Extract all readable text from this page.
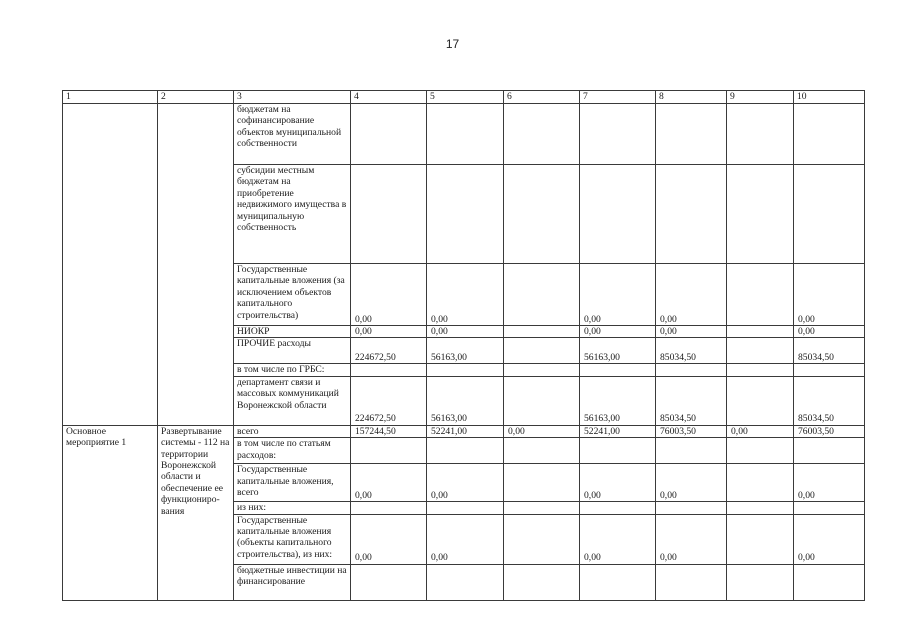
17
1	2	3	4	5	6	7	8	9	10
		бюджетам на софинансирование объектов муниципальной собственности							
		субсидии местным бюджетам на приобретение недвижимого имущества в муниципальную собственность							
		Государственные капитальные вложения (за исключением объектов капитального строительства)	0,00	0,00		0,00	0,00		0,00
		НИОКР	0,00	0,00		0,00	0,00		0,00
		ПРОЧИЕ расходы	224672,50	56163,00		56163,00	85034,50		85034,50
		в том числе по ГРБС:							
		департамент связи и массовых коммуникаций Воронежской области	224672,50	56163,00		56163,00	85034,50		85034,50
Основное мероприятие 1	Развертывание системы - 112 на территории Воронежской области и обеспечение ее функциониро-вания	всего	157244,50	52241,00	0,00	52241,00	76003,50	0,00	76003,50
		в том числе по статьям расходов:							
		Государственные капитальные вложения, всего	0,00	0,00		0,00	0,00		0,00
		из них:							
		Государственные капитальные вложения (объекты капитального строительства), из них:	0,00	0,00		0,00	0,00		0,00
		бюджетные инвестиции на финансирование							
